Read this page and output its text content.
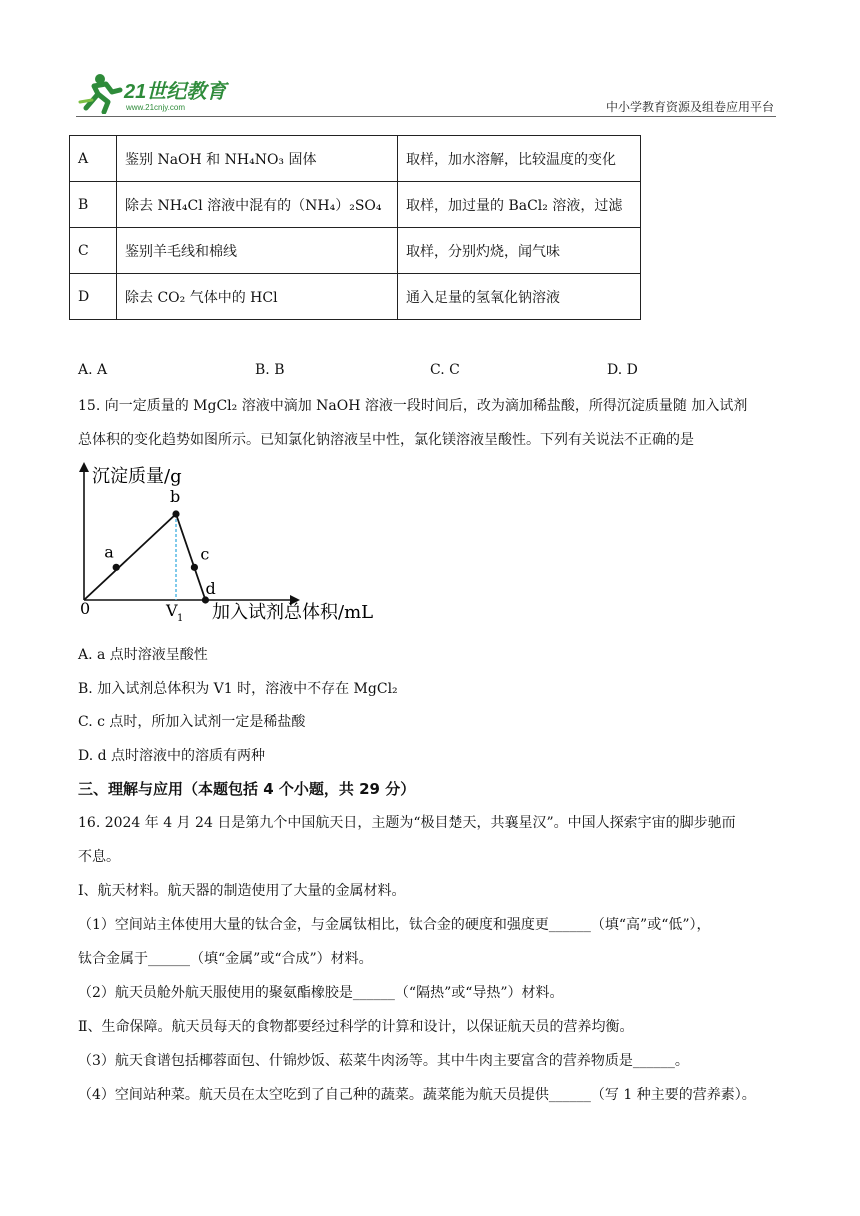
21世纪教育
www.21cnjy.com	中小学教育资源及组卷应用平台
A	鉴别 NaOH 和 NH₄NO₃ 固体	取样，加水溶解，比较温度的变化
B	除去 NH₄Cl 溶液中混有的（NH₄）₂SO₄	取样，加过量的 BaCl₂ 溶液，过滤
C	鉴别羊毛线和棉线	取样，分别灼烧，闻气味
D	除去 CO₂ 气体中的 HCl	通入足量的氢氧化钠溶液
A. A	B. B	C. C	D. D
15. 向一定质量的 MgCl₂ 溶液中滴加 NaOH 溶液一段时间后，改为滴加稀盐酸，所得沉淀质量随 加入试剂
总体积的变化趋势如图所示。已知氯化钠溶液呈中性，氯化镁溶液呈酸性。下列有关说法不正确的是
沉淀质量/g
加入试剂总体积/mL
0
a
b
c
d
V 1
A. a 点时溶液呈酸性
B. 加入试剂总体积为 V1 时，溶液中不存在 MgCl₂
C. c 点时，所加入试剂一定是稀盐酸
D. d 点时溶液中的溶质有两种
三、理解与应用（本题包括 4 个小题，共 29 分）
16. 2024 年 4 月 24 日是第九个中国航天日，主题为“极目楚天，共襄星汉”。中国人探索宇宙的脚步驰而
不息。
Ⅰ、航天材料。航天器的制造使用了大量的金属材料。
（1）空间站主体使用大量的钛合金，与金属钛相比，钛合金的硬度和强度更______（填“高”或“低”），
钛合金属于______（填“金属”或“合成”）材料。
（2）航天员舱外航天服使用的聚氨酯橡胶是______（“隔热”或“导热”）材料。
Ⅱ、生命保障。航天员每天的食物都要经过科学的计算和设计，以保证航天员的营养均衡。
（3）航天食谱包括椰蓉面包、什锦炒饭、菘菜牛肉汤等。其中牛肉主要富含的营养物质是______。
（4）空间站种菜。航天员在太空吃到了自己种的蔬菜。蔬菜能为航天员提供______（写 1 种主要的营养素）。
